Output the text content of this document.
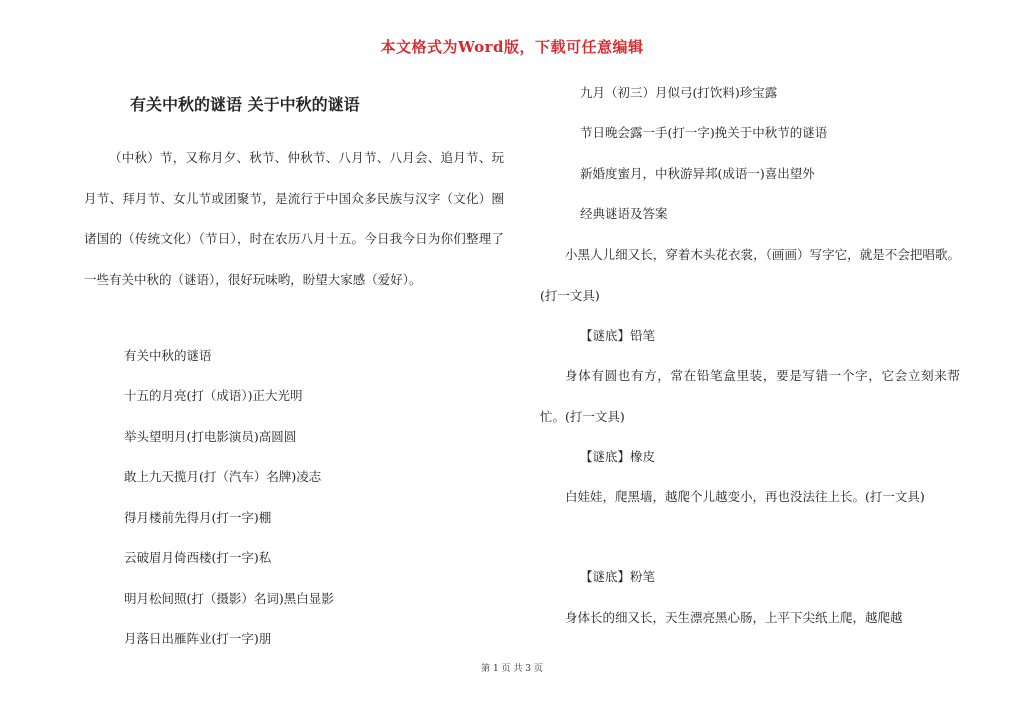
本文格式为Word版，下载可任意编辑
有关中秋的谜语 关于中秋的谜语

（中秋）节，又称月夕、秋节、仲秋节、八月节、八月会、追月节、玩月节、拜月节、女儿节或团聚节，是流行于中国众多民族与汉字（文化）圈诸国的（传统文化）（节日），时在农历八月十五。今日我今日为你们整理了一些有关中秋的（谜语），很好玩味哟，盼望大家感（爱好）。

有关中秋的谜语

十五的月亮(打（成语）)正大光明

举头望明月(打电影演员)高圆圆

敢上九天揽月(打（汽车）名牌)凌志

得月楼前先得月(打一字)棚

云破眉月倚西楼(打一字)私

明月松间照(打（摄影）名词)黑白显影

月落日出雁阵业(打一字)朋

九月（初三）月似弓(打饮料)珍宝露

节日晚会露一手(打一字)挽关于中秋节的谜语

新婚度蜜月，中秋游异邦(成语一)喜出望外

经典谜语及答案

小黑人儿细又长，穿着木头花衣裳，（画画）写字它，就是不会把唱歌。(打一文具)

【谜底】铅笔

身体有圆也有方，常在铅笔盒里装，要是写错一个字，它会立刻来帮忙。(打一文具)

【谜底】橡皮

白娃娃，爬黑墙，越爬个儿越变小，再也没法往上长。(打一文具)

【谜底】粉笔

身体长的细又长，天生漂亮黑心肠，上平下尖纸上爬，越爬越

第 1 页 共 3 页
